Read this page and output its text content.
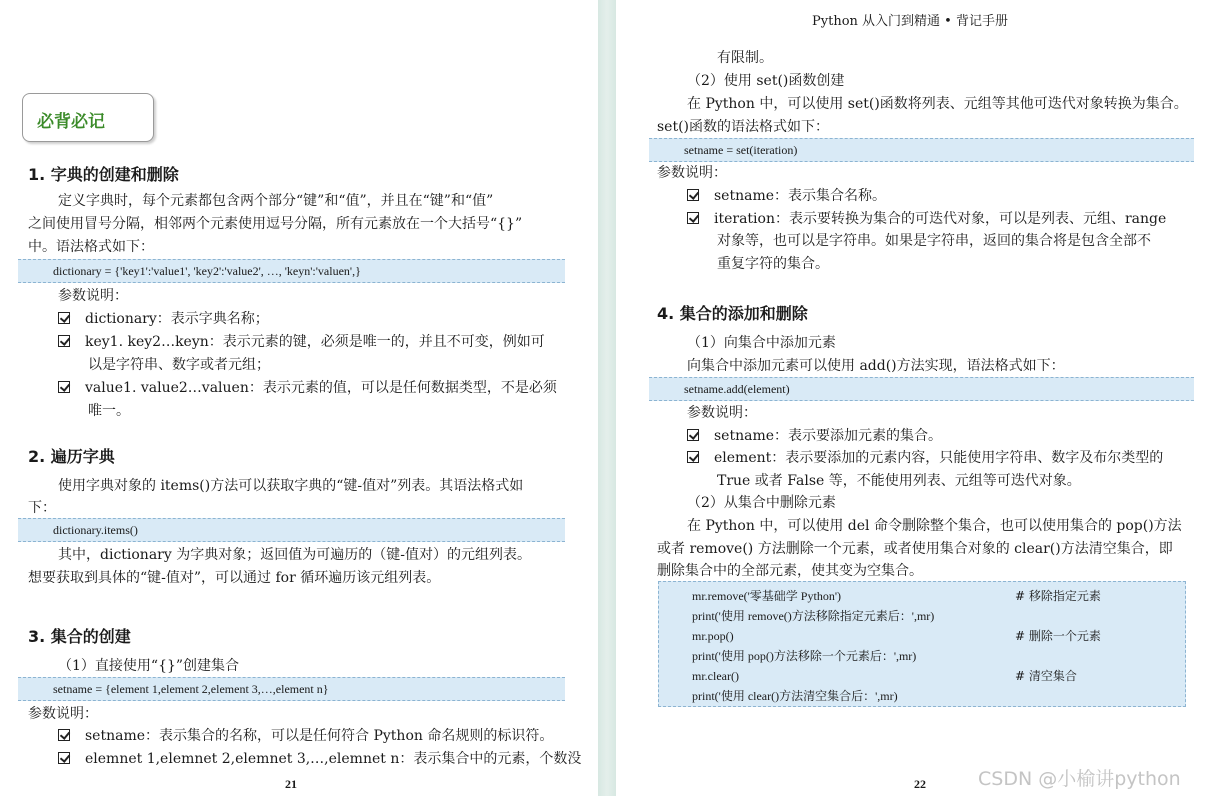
必背必记
1. 字典的创建和删除
定义字典时，每个元素都包含两个部分“键”和“值”，并且在“键”和“值”
之间使用冒号分隔，相邻两个元素使用逗号分隔，所有元素放在一个大括号“{}”
中。语法格式如下：
dictionary = {'key1':'value1', 'key2':'value2', …, 'keyn':'valuen',}
参数说明：
dictionary：表示字典名称；
key1. key2…keyn：表示元素的键，必须是唯一的，并且不可变，例如可
以是字符串、数字或者元组；
value1. value2…valuen：表示元素的值，可以是任何数据类型，不是必须
唯一。
2. 遍历字典
使用字典对象的 items()方法可以获取字典的“键-值对”列表。其语法格式如
下：
dictionary.items()
其中，dictionary 为字典对象；返回值为可遍历的（键-值对）的元组列表。
想要获取到具体的“键-值对”，可以通过 for 循环遍历该元组列表。
3. 集合的创建
（1）直接使用“{}”创建集合
setname = {element 1,element 2,element 3,…,element n}
参数说明：
setname：表示集合的名称，可以是任何符合 Python 命名规则的标识符。
elemnet 1,elemnet 2,elemnet 3,…,elemnet n：表示集合中的元素，个数没
21
Python 从入门到精通 • 背记手册
有限制。
（2）使用 set()函数创建
在 Python 中，可以使用 set()函数将列表、元组等其他可迭代对象转换为集合。
set()函数的语法格式如下：
setname = set(iteration)
参数说明：
setname：表示集合名称。
iteration：表示要转换为集合的可迭代对象，可以是列表、元组、range
对象等，也可以是字符串。如果是字符串，返回的集合将是包含全部不
重复字符的集合。
4. 集合的添加和删除
（1）向集合中添加元素
向集合中添加元素可以使用 add()方法实现，语法格式如下：
setname.add(element)
参数说明：
setname：表示要添加元素的集合。
element：表示要添加的元素内容，只能使用字符串、数字及布尔类型的
True 或者 False 等，不能使用列表、元组等可迭代对象。
（2）从集合中删除元素
在 Python 中，可以使用 del 命令删除整个集合，也可以使用集合的 pop()方法
或者 remove() 方法删除一个元素，或者使用集合对象的 clear()方法清空集合，即
删除集合中的全部元素，使其变为空集合。
mr.remove('零基础学 Python')	# 移除指定元素
print('使用 remove()方法移除指定元素后：',mr)
mr.pop()	# 删除一个元素
print('使用 pop()方法移除一个元素后：',mr)
mr.clear()	# 清空集合
print('使用 clear()方法清空集合后：',mr)
22	CSDN @小榆讲python
